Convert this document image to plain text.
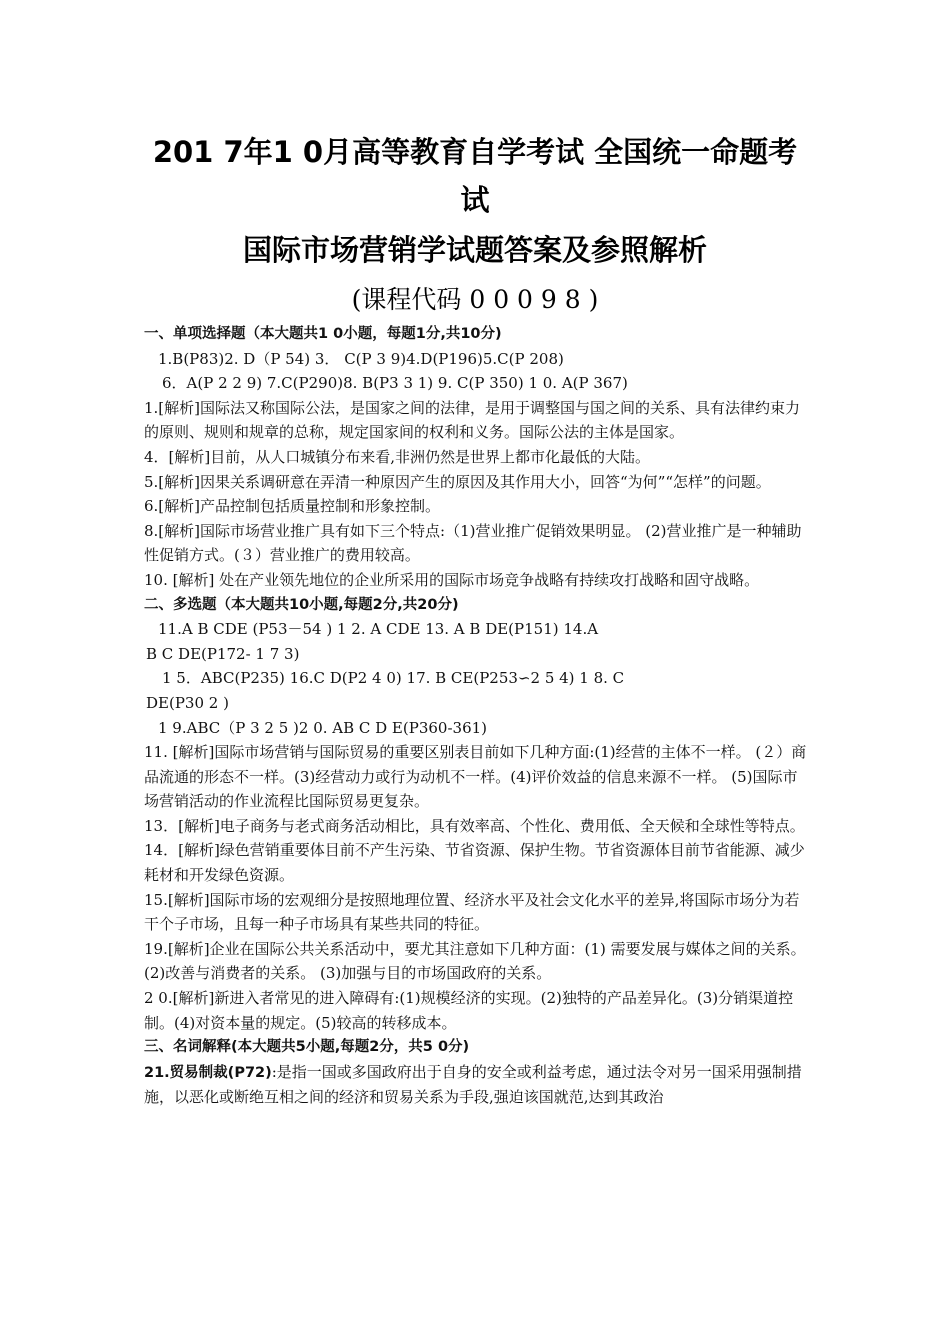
201 7年1 0月高等教育自学考试 全国统一命题考
试
国际市场营销学试题答案及参照解析
(课程代码 0 0 0 9 8 )

一、单项选择题（本大题共1 0小题，每题1分,共10分)

1.B(P83)2. D（P 54) 3． C(P 3 9)4.D(P196)5.C(P 208)

6．A(P 2 2 9) 7.C(P290)8. B(P3 3 1) 9. C(P 350) 1 0. A(P 367)

1.[解析]国际法又称国际公法，是国家之间的法律，是用于调整国与国之间的关系、具有法律约束力的原则、规则和规章的总称，规定国家间的权利和义务。国际公法的主体是国家。

4．[解析]目前，从人口城镇分布来看,非洲仍然是世界上都市化最低的大陆。

5.[解析]因果关系调研意在弄清一种原因产生的原因及其作用大小，回答“为何”“怎样”的问题。

6.[解析]产品控制包括质量控制和形象控制。

8.[解析]国际市场营业推广具有如下三个特点:（1)营业推广促销效果明显。 (2)营业推广是一种辅助性促销方式。(３）营业推广的费用较高。

10. [解析] 处在产业领先地位的企业所采用的国际市场竞争战略有持续攻打战略和固守战略。

二、多选题（本大题共10小题,每题2分,共20分)

11.A B CDE (P53－54 ) 1 2. A CDE 13. A B DE(P151) 14.A

B C DE(P172- 1 7 3)

1 5．ABC(P235) 16.C D(P2 4 0) 17. B CE(P253∽2 5 4) 1 8. C

DE(P30 2 )

1 9.ABC（P 3 2 5 )2 0. AB C D E(P360-361)

11. [解析]国际市场营销与国际贸易的重要区别表目前如下几种方面:(1)经营的主体不一样。 (２）商品流通的形态不一样。(3)经营动力或行为动机不一样。(4)评价效益的信息来源不一样。 (5)国际市场营销活动的作业流程比国际贸易更复杂。

13．[解析]电子商务与老式商务活动相比，具有效率高、个性化、费用低、全天候和全球性等特点。

14．[解析]绿色营销重要体目前不产生污染、节省资源、保护生物。节省资源体目前节省能源、减少耗材和开发绿色资源。

15.[解析]国际市场的宏观细分是按照地理位置、经济水平及社会文化水平的差异,将国际市场分为若干个子市场，且每一种子市场具有某些共同的特征。

19.[解析]企业在国际公共关系活动中，要尤其注意如下几种方面：(1) 需要发展与媒体之间的关系。(2)改善与消费者的关系。 (3)加强与目的市场国政府的关系。

2 0.[解析]新进入者常见的进入障碍有:(1)规模经济的实现。(2)独特的产品差异化。(3)分销渠道控制。(4)对资本量的规定。(5)较高的转移成本。

三、名词解释(本大题共5小题,每题2分，共5 0分)

21.贸易制裁(P72):是指一国或多国政府出于自身的安全或利益考虑，通过法令对另一国采用强制措施，以恶化或断绝互相之间的经济和贸易关系为手段,强迫该国就范,达到其政治
